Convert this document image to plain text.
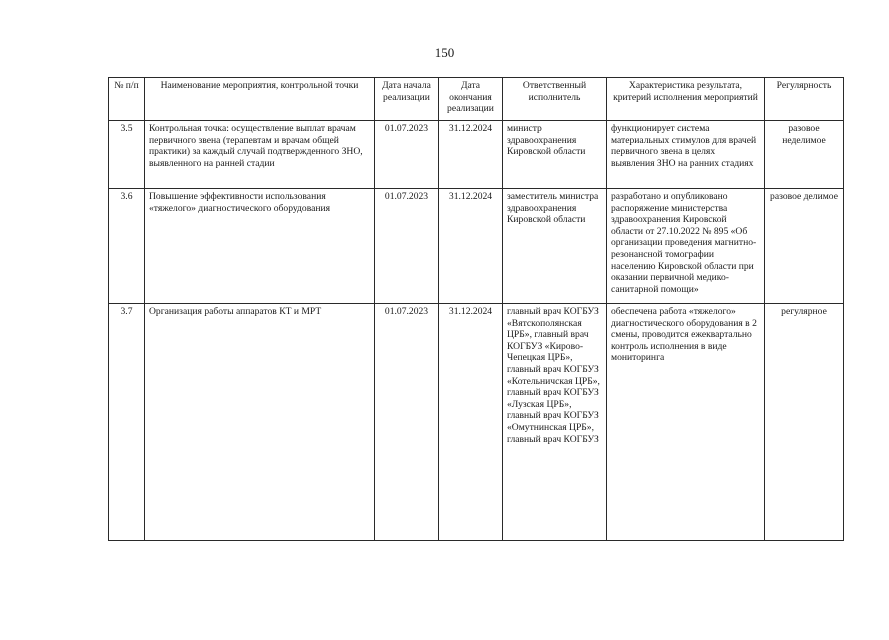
150
№ п/п	Наименование мероприятия, контрольной точки	Дата начала реализации	Дата окончания реализации	Ответственный исполнитель	Характеристика результата, критерий исполнения мероприятий	Регулярность
3.5	Контрольная точка: осуществление выплат врачам первичного звена (терапевтам и врачам общей практики) за каждый случай подтвержденного ЗНО, выявленного на ранней стадии	01.07.2023	31.12.2024	министр здравоохранения Кировской области	функционирует система материальных стимулов для врачей первичного звена в целях выявления ЗНО на ранних стадиях	разовое неделимое
3.6	Повышение эффективности использования «тяжелого» диагностического оборудования	01.07.2023	31.12.2024	заместитель министра здравоохранения Кировской области	разработано и опубликовано распоряжение министерства здравоохранения Кировской области от 27.10.2022 № 895 «Об организации проведения магнитно-резонансной томографии населению Кировской области при оказании первичной медико-санитарной помощи»	разовое делимое
3.7	Организация работы аппаратов КТ и МРТ	01.07.2023	31.12.2024	главный врач КОГБУЗ «Вятскополянская ЦРБ», главный врач КОГБУЗ «Кирово-Чепецкая ЦРБ», главный врач КОГБУЗ «Котельничская ЦРБ», главный врач КОГБУЗ «Лузская ЦРБ», главный врач КОГБУЗ «Омутнинская ЦРБ», главный врач КОГБУЗ	обеспечена работа «тяжелого» диагностического оборудования в 2 смены, проводится ежеквартально контроль исполнения в виде мониторинга	регулярное
